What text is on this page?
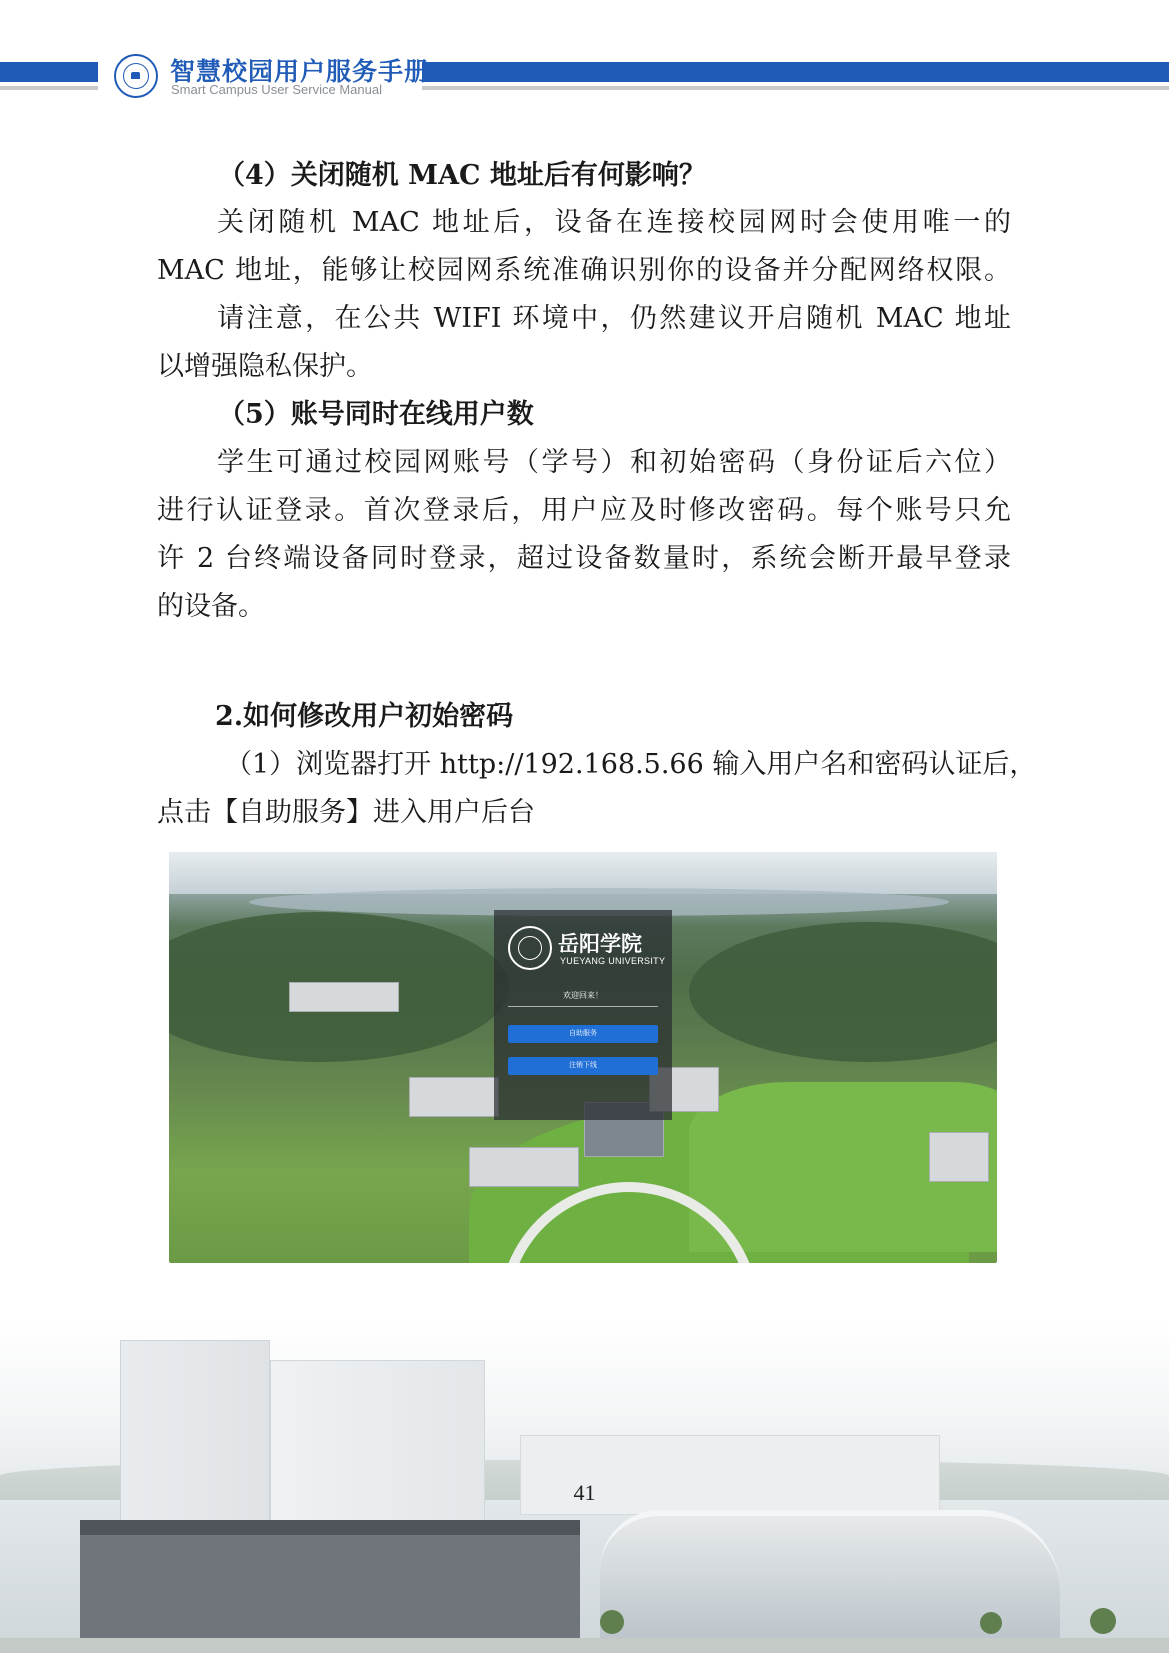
智慧校园用户服务手册
Smart Campus User Service Manual
（4）关闭随机 MAC 地址后有何影响？
关闭随机 MAC 地址后，设备在连接校园网时会使用唯一的
MAC 地址，能够让校园网系统准确识别你的设备并分配网络权限。
请注意，在公共 WIFI 环境中，仍然建议开启随机 MAC 地址
以增强隐私保护。
（5）账号同时在线用户数
学生可通过校园网账号（学号）和初始密码（身份证后六位）
进行认证登录。首次登录后，用户应及时修改密码。每个账号只允
许 2 台终端设备同时登录，超过设备数量时，系统会断开最早登录
的设备。
2.如何修改用户初始密码
（1）浏览器打开 http://192.168.5.66 输入用户名和密码认证后，
点击【自助服务】进入用户后台
岳阳学院
YUEYANG UNIVERSITY
欢迎回来！
自助服务
注销下线
41
